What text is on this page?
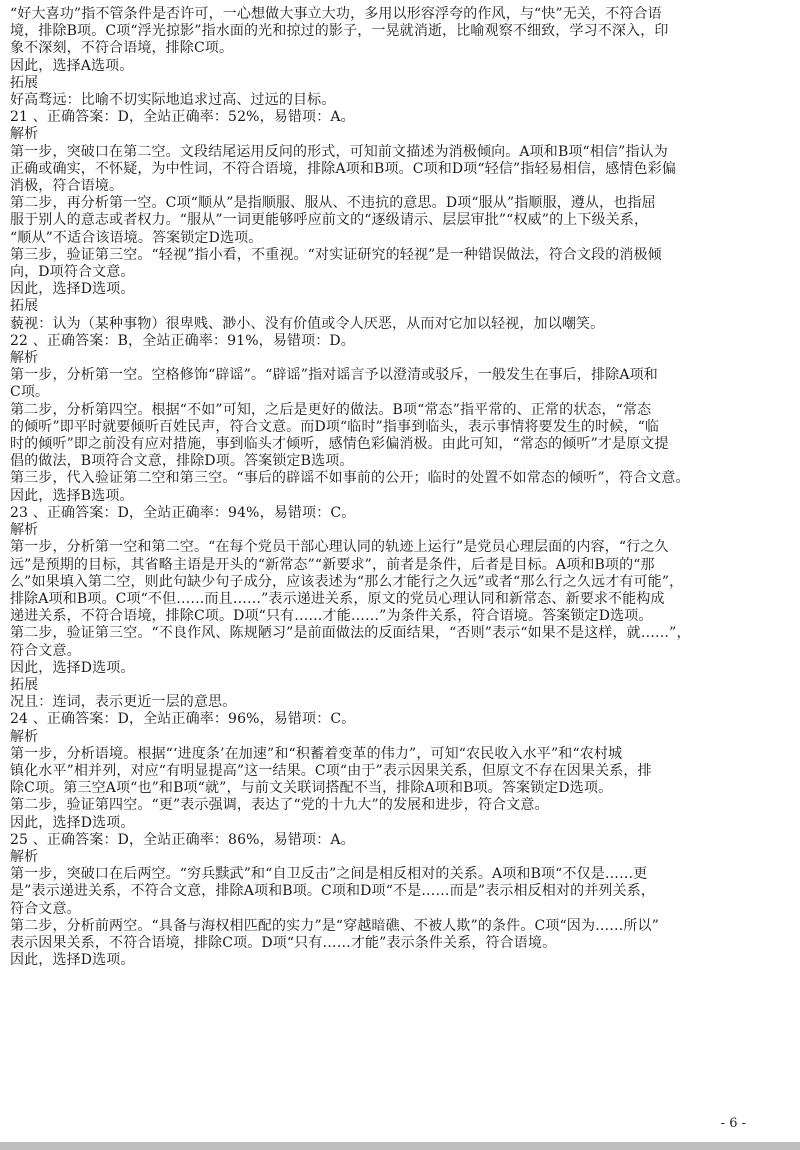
“好大喜功”指不管条件是否许可，一心想做大事立大功，多用以形容浮夸的作风，与“快”无关，不符合语
境，排除B项。C项“浮光掠影”指水面的光和掠过的影子，一晃就消逝，比喻观察不细致，学习不深入，印
象不深刻，不符合语境，排除C项。
因此，选择A选项。
拓展
好高骛远：比喻不切实际地追求过高、过远的目标。
21 、正确答案：D，全站正确率：52%，易错项：A。
解析
第一步，突破口在第二空。文段结尾运用反问的形式，可知前文描述为消极倾向。A项和B项“相信”指认为
正确或确实，不怀疑，为中性词，不符合语境，排除A项和B项。C项和D项“轻信”指轻易相信，感情色彩偏
消极，符合语境。
第二步，再分析第一空。C项“顺从”是指顺服、服从、不违抗的意思。D项“服从”指顺服，遵从，也指屈
服于别人的意志或者权力。“服从”一词更能够呼应前文的“逐级请示、层层审批”“权威”的上下级关系，
“顺从”不适合该语境。答案锁定D选项。
第三步，验证第三空。“轻视”指小看，不重视。“对实证研究的轻视”是一种错误做法，符合文段的消极倾
向，D项符合文意。
因此，选择D选项。
拓展
藐视：认为（某种事物）很卑贱、渺小、没有价值或令人厌恶，从而对它加以轻视，加以嘲笑。
22 、正确答案：B，全站正确率：91%，易错项：D。
解析
第一步，分析第一空。空格修饰“辟谣”。“辟谣”指对谣言予以澄清或驳斥，一般发生在事后，排除A项和
C项。
第二步，分析第四空。根据“不如”可知，之后是更好的做法。B项“常态”指平常的、正常的状态，“常态
的倾听”即平时就要倾听百姓民声，符合文意。而D项“临时”指事到临头，表示事情将要发生的时候，“临
时的倾听”即之前没有应对措施，事到临头才倾听，感情色彩偏消极。由此可知，“常态的倾听”才是原文提
倡的做法，B项符合文意，排除D项。答案锁定B选项。
第三步，代入验证第二空和第三空。“事后的辟谣不如事前的公开；临时的处置不如常态的倾听”，符合文意。
因此，选择B选项。
23 、正确答案：D，全站正确率：94%，易错项：C。
解析
第一步，分析第一空和第二空。“在每个党员干部心理认同的轨迹上运行”是党员心理层面的内容，“行之久
远”是预期的目标，其省略主语是开头的“新常态”“新要求”，前者是条件，后者是目标。A项和B项的“那
么”如果填入第二空，则此句缺少句子成分，应该表述为“那么才能行之久远”或者“那么行之久远才有可能”，
排除A项和B项。C项“不但……而且……”表示递进关系，原文的党员心理认同和新常态、新要求不能构成
递进关系，不符合语境，排除C项。D项“只有……才能……”为条件关系，符合语境。答案锁定D选项。
第二步，验证第三空。“不良作风、陈规陋习”是前面做法的反面结果，“否则”表示“如果不是这样，就……”，
符合文意。
因此，选择D选项。
拓展
况且：连词，表示更近一层的意思。
24 、正确答案：D，全站正确率：96%，易错项：C。
解析
第一步，分析语境。根据“‘进度条’在加速”和“积蓄着变革的伟力”，可知“农民收入水平”和“农村城
镇化水平”相并列，对应“有明显提高”这一结果。C项“由于”表示因果关系，但原文不存在因果关系，排
除C项。第三空A项“也”和B项“就”，与前文关联词搭配不当，排除A项和B项。答案锁定D选项。
第二步，验证第四空。“更”表示强调，表达了“党的十九大”的发展和进步，符合文意。
因此，选择D选项。
25 、正确答案：D，全站正确率：86%，易错项：A。
解析
第一步，突破口在后两空。“穷兵黩武”和“自卫反击”之间是相反相对的关系。A项和B项“不仅是……更
是”表示递进关系，不符合文意，排除A项和B项。C项和D项“不是……而是”表示相反相对的并列关系，
符合文意。
第二步，分析前两空。“具备与海权相匹配的实力”是“穿越暗礁、不被人欺”的条件。C项“因为……所以”
表示因果关系，不符合语境，排除C项。D项“只有……才能”表示条件关系，符合语境。
因此，选择D选项。
- 6 -
